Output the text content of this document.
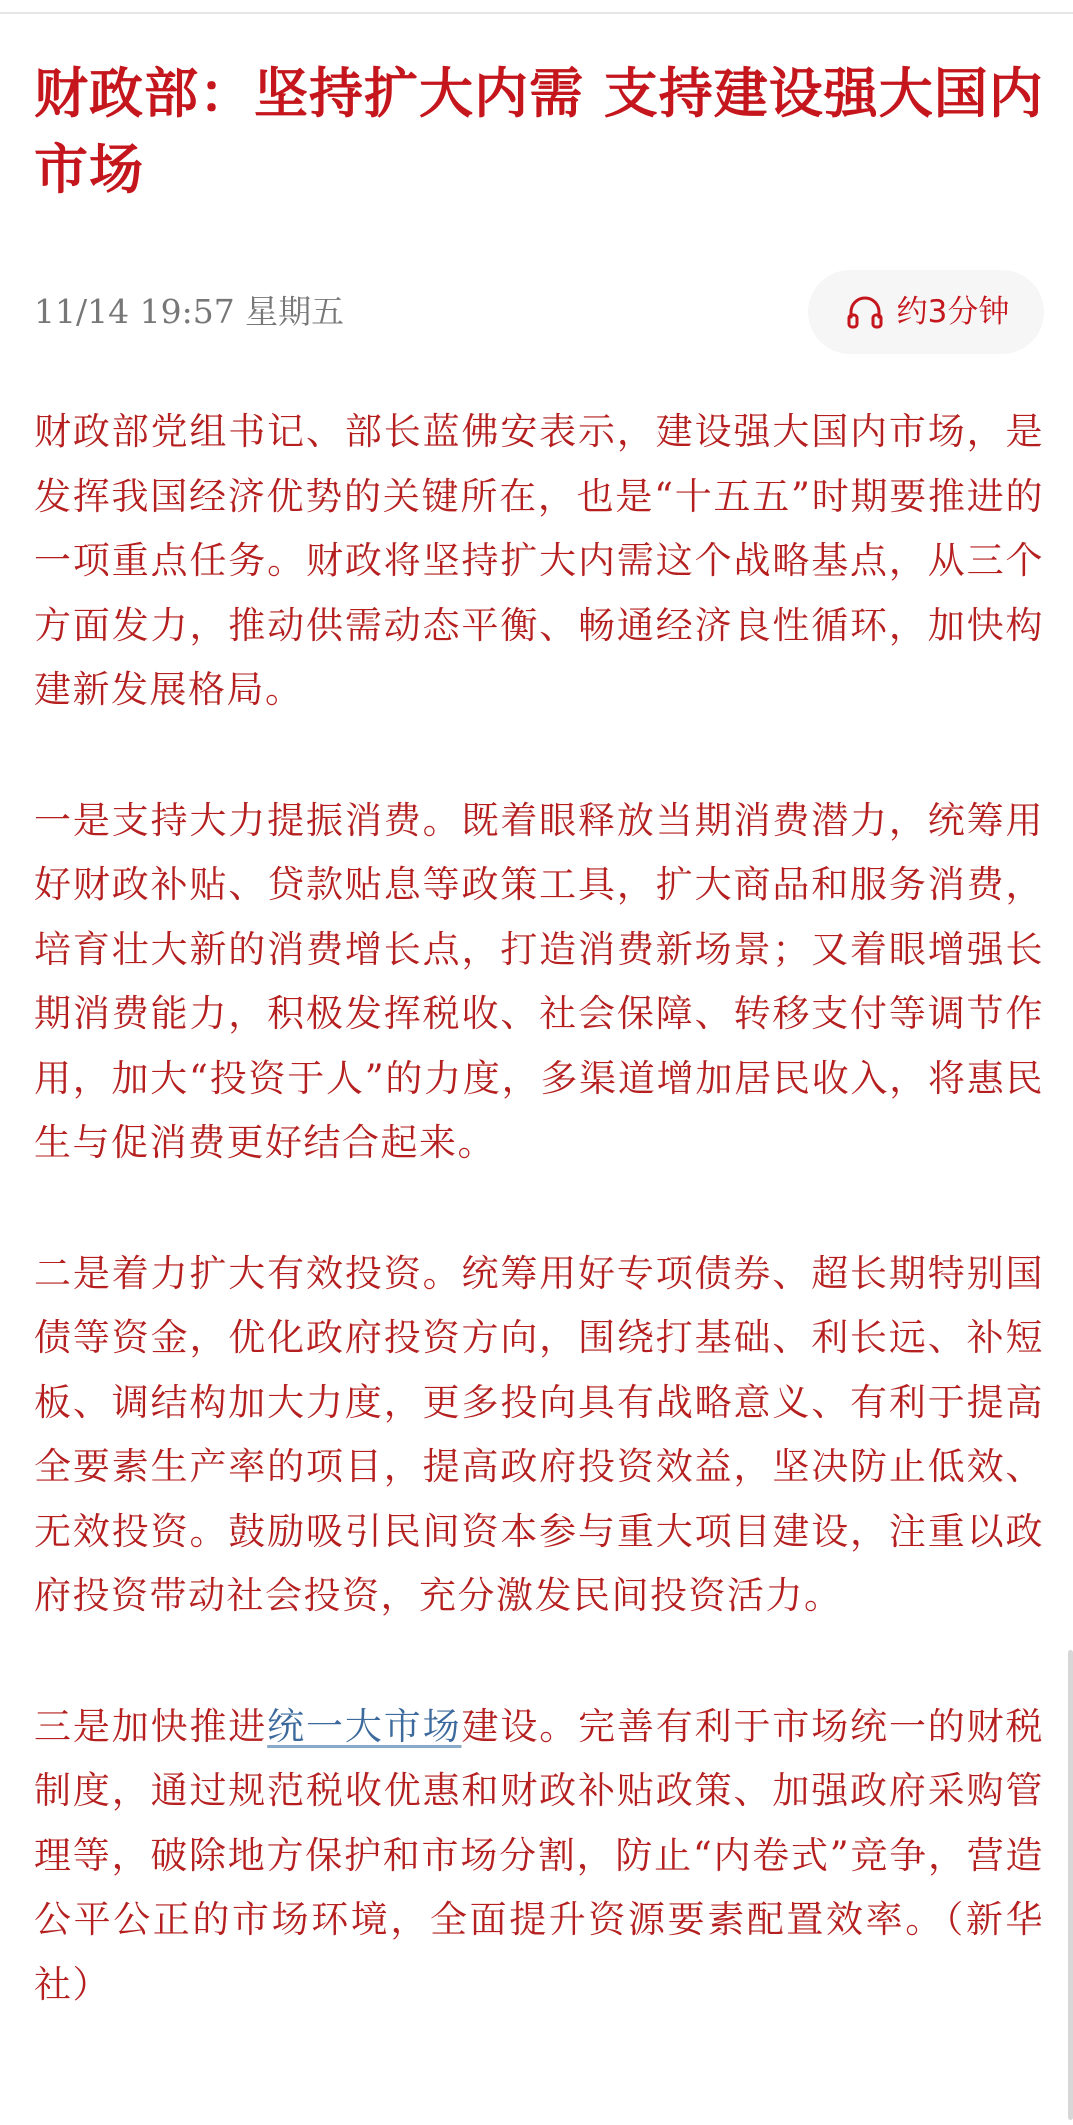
财政部：坚持扩大内需 支持建设强大国内市场
11/14 19:57 星期五	约3分钟

财政部党组书记、部长蓝佛安表示，建设强大国内市场，是发挥我国经济优势的关键所在，也是“十五五”时期要推进的一项重点任务。财政将坚持扩大内需这个战略基点，从三个方面发力，推动供需动态平衡、畅通经济良性循环，加快构建新发展格局。

一是支持大力提振消费。既着眼释放当期消费潜力，统筹用好财政补贴、贷款贴息等政策工具，扩大商品和服务消费，培育壮大新的消费增长点，打造消费新场景；又着眼增强长期消费能力，积极发挥税收、社会保障、转移支付等调节作用，加大“投资于人”的力度，多渠道增加居民收入，将惠民生与促消费更好结合起来。

二是着力扩大有效投资。统筹用好专项债券、超长期特别国债等资金，优化政府投资方向，围绕打基础、利长远、补短板、调结构加大力度，更多投向具有战略意义、有利于提高全要素生产率的项目，提高政府投资效益，坚决防止低效、无效投资。鼓励吸引民间资本参与重大项目建设，注重以政府投资带动社会投资，充分激发民间投资活力。

三是加快推进统一大市场建设。完善有利于市场统一的财税制度，通过规范税收优惠和财政补贴政策、加强政府采购管理等，破除地方保护和市场分割，防止“内卷式”竞争，营造公平公正的市场环境，全面提升资源要素配置效率。（新华社）
